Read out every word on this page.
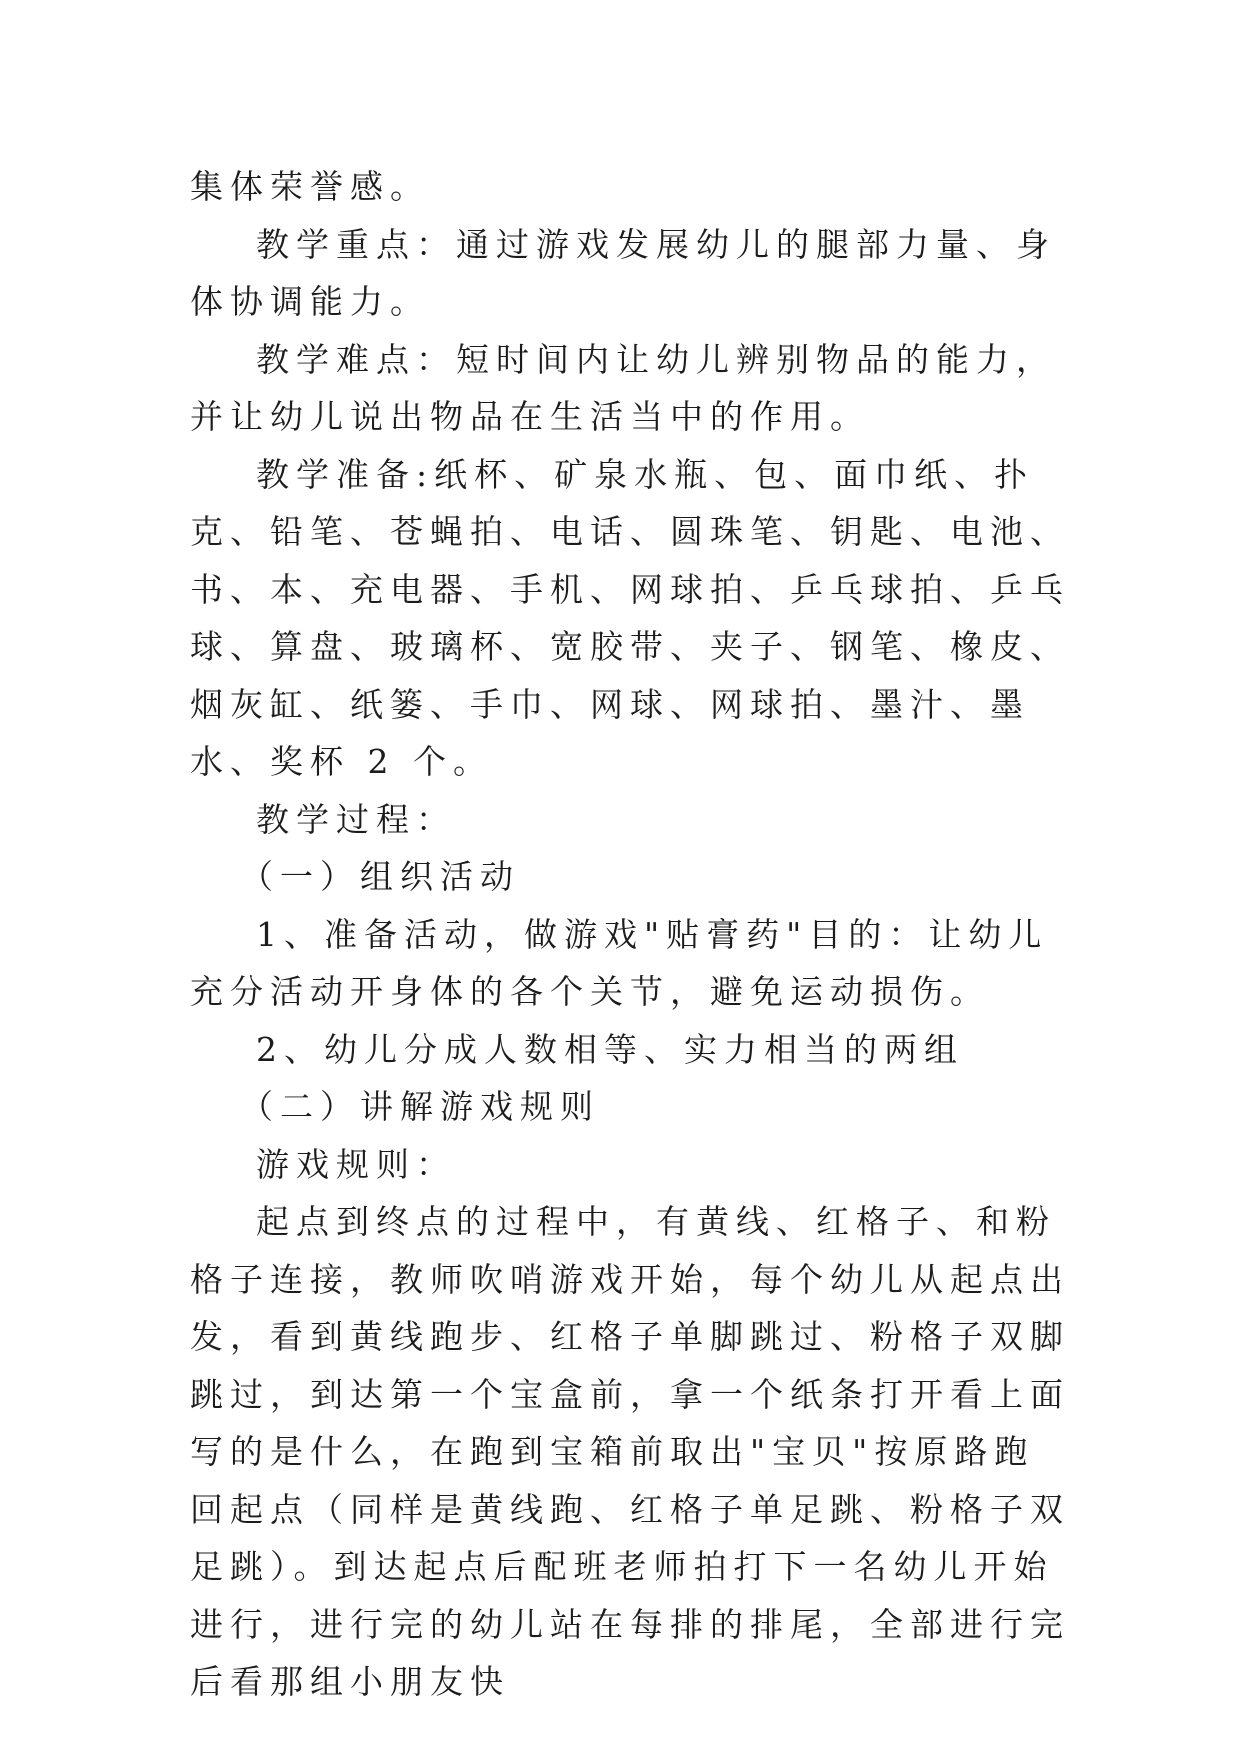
集体荣誉感。

教学重点：通过游戏发展幼儿的腿部力量、身体协调能力。

教学难点：短时间内让幼儿辨别物品的能力，并让幼儿说出物品在生活当中的作用。

教学准备:纸杯、矿泉水瓶、包、面巾纸、扑克、铅笔、苍蝇拍、电话、圆珠笔、钥匙、电池、书、本、充电器、手机、网球拍、乒乓球拍、乒乓球、算盘、玻璃杯、宽胶带、夹子、钢笔、橡皮、烟灰缸、纸篓、手巾、网球、网球拍、墨汁、墨水、奖杯 2 个。

教学过程：

（一）组织活动

1、准备活动，做游戏"贴膏药"目的：让幼儿充分活动开身体的各个关节，避免运动损伤。

2、幼儿分成人数相等、实力相当的两组

（二）讲解游戏规则

游戏规则：

起点到终点的过程中，有黄线、红格子、和粉格子连接，教师吹哨游戏开始，每个幼儿从起点出发，看到黄线跑步、红格子单脚跳过、粉格子双脚跳过，到达第一个宝盒前，拿一个纸条打开看上面写的是什么，在跑到宝箱前取出"宝贝"按原路跑回起点（同样是黄线跑、红格子单足跳、粉格子双足跳）。到达起点后配班老师拍打下一名幼儿开始进行，进行完的幼儿站在每排的排尾，全部进行完后看那组小朋友快
